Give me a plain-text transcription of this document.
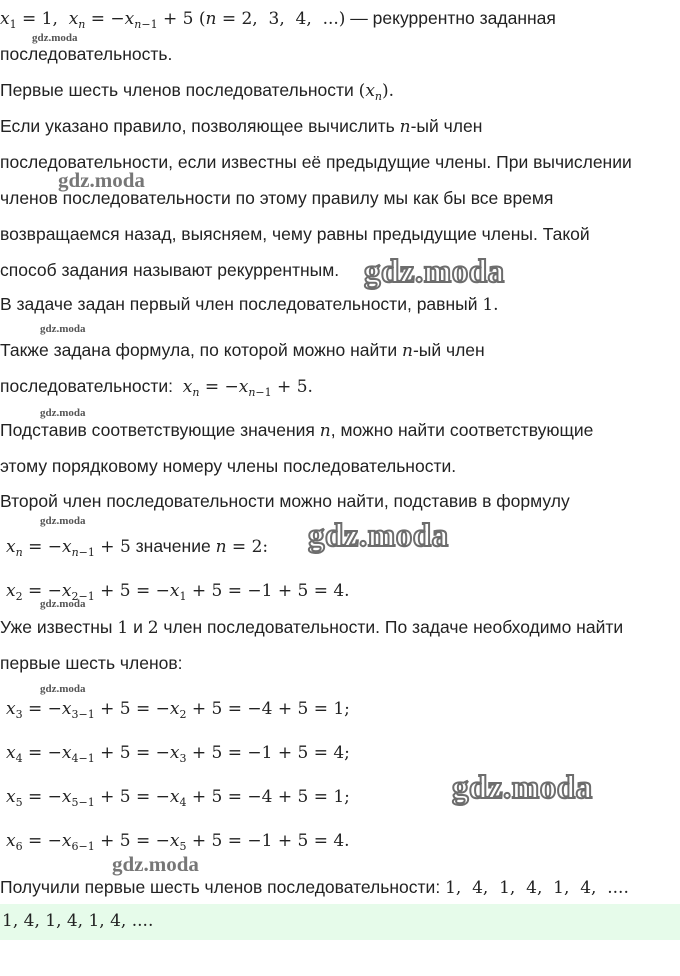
$x_1 = 1$,  $x_n = -x_{n-1} + 5$ (n = 2,  3,  4,  ...) — рекуррентно заданная
gdz.moda
последовательность.
Первые шесть членов последовательности $(x_n)$.
Если указано правило, позволяющее вычислить n-ый член
последовательности, если известны её предыдущие члены. При вычислении
gdz.moda
членов последовательности по этому правилу мы как бы все время
возвращаемся назад, выясняем, чему равны предыдущие члены. Такой
способ задания называют рекуррентным. gdz.moda
В задаче задан первый член последовательности, равный 1.
gdz.moda
Также задана формула, по которой можно найти n-ый член
последовательности: $x_n = -x_{n-1} + 5$.
gdz.moda
Подставив соответствующие значения n, можно найти соответствующие
этому порядковому номеру члены последовательности.
Второй член последовательности можно найти, подставив в формулу
gdz.moda
$x_n = -x_{n-1} + 5$ значение n = 2: gdz.moda
$x_2 = -x_{2-1} + 5 = -x_1 + 5 = -1 + 5 = 4$.
gdz.moda
Уже известны 1 и 2 член последовательности. По задаче необходимо найти
первые шесть членов:
gdz.moda
$x_3 = -x_{3-1} + 5 = -x_2 + 5 = -4 + 5 = 1$;
$x_4 = -x_{4-1} + 5 = -x_3 + 5 = -1 + 5 = 4$;
$x_5 = -x_{5-1} + 5 = -x_4 + 5 = -4 + 5 = 1$;	gdz.moda
$x_6 = -x_{6-1} + 5 = -x_5 + 5 = -1 + 5 = 4$.
gdz.moda
Получили первые шесть членов последовательности: 1,  4,  1,  4,  1,  4,  ....
1, 4, 1, 4, 1, 4, ....
